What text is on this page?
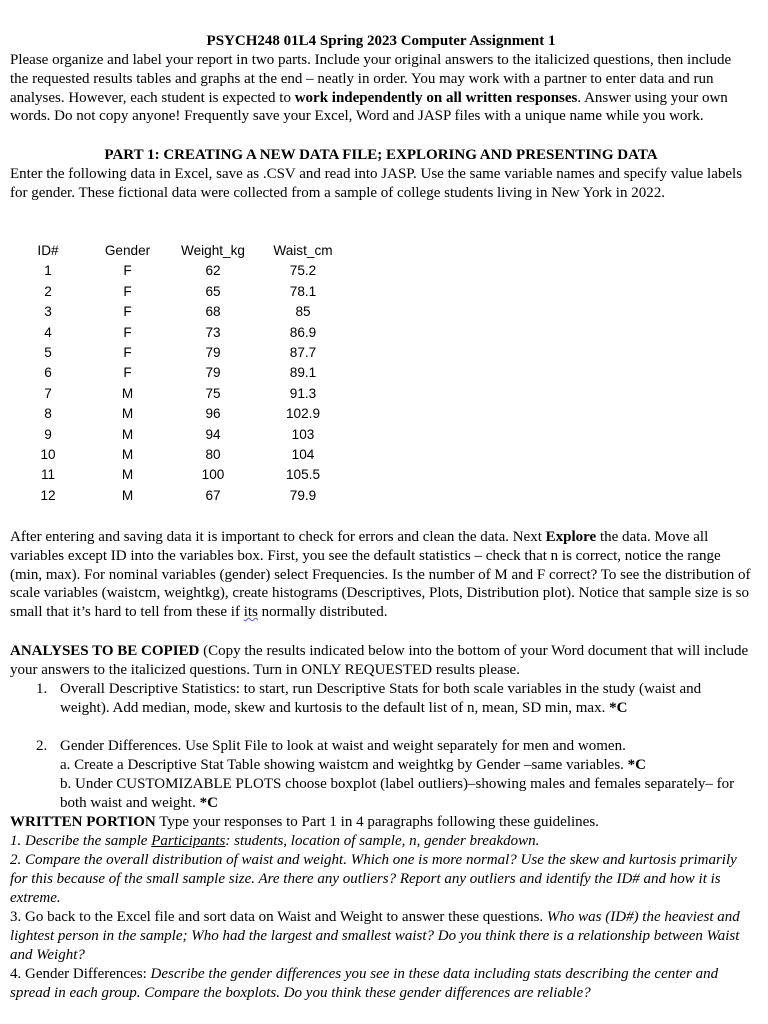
PSYCH248 01L4 Spring 2023 Computer Assignment 1

Please organize and label your report in two parts. Include your original answers to the italicized questions, then include the requested results tables and graphs at the end – neatly in order. You may work with a partner to enter data and run analyses. However, each student is expected to work independently on all written responses. Answer using your own words. Do not copy anyone! Frequently save your Excel, Word and JASP files with a unique name while you work.

PART 1: CREATING A NEW DATA FILE; EXPLORING AND PRESENTING DATA

Enter the following data in Excel, save as .CSV and read into JASP. Use the same variable names and specify value labels for gender. These fictional data were collected from a sample of college students living in New York in 2022.

ID#	Gender	Weight_kg	Waist_cm
1	F	62	75.2
2	F	65	78.1
3	F	68	85
4	F	73	86.9
5	F	79	87.7
6	F	79	89.1
7	M	75	91.3
8	M	96	102.9
9	M	94	103
10	M	80	104
11	M	100	105.5
12	M	67	79.9

After entering and saving data it is important to check for errors and clean the data. Next Explore the data. Move all variables except ID into the variables box. First, you see the default statistics – check that n is correct, notice the range (min, max). For nominal variables (gender) select Frequencies. Is the number of M and F correct? To see the distribution of scale variables (waistcm, weightkg), create histograms (Descriptives, Plots, Distribution plot). Notice that sample size is so small that it’s hard to tell from these if its normally distributed.

ANALYSES TO BE COPIED (Copy the results indicated below into the bottom of your Word document that will include your answers to the italicized questions. Turn in ONLY REQUESTED results please.

1. Overall Descriptive Statistics: to start, run Descriptive Stats for both scale variables in the study (waist and weight). Add median, mode, skew and kurtosis to the default list of n, mean, SD min, max. *C

2. Gender Differences. Use Split File to look at waist and weight separately for men and women.

a. Create a Descriptive Stat Table showing waistcm and weightkg by Gender –same variables. *C

b. Under CUSTOMIZABLE PLOTS choose boxplot (label outliers)–showing males and females separately– for both waist and weight. *C

WRITTEN PORTION Type your responses to Part 1 in 4 paragraphs following these guidelines.

1. Describe the sample Participants: students, location of sample, n, gender breakdown.

2. Compare the overall distribution of waist and weight. Which one is more normal? Use the skew and kurtosis primarily for this because of the small sample size. Are there any outliers? Report any outliers and identify the ID# and how it is extreme.

3. Go back to the Excel file and sort data on Waist and Weight to answer these questions. Who was (ID#) the heaviest and lightest person in the sample; Who had the largest and smallest waist? Do you think there is a relationship between Waist and Weight?

4. Gender Differences: Describe the gender differences you see in these data including stats describing the center and spread in each group. Compare the boxplots. Do you think these gender differences are reliable?
